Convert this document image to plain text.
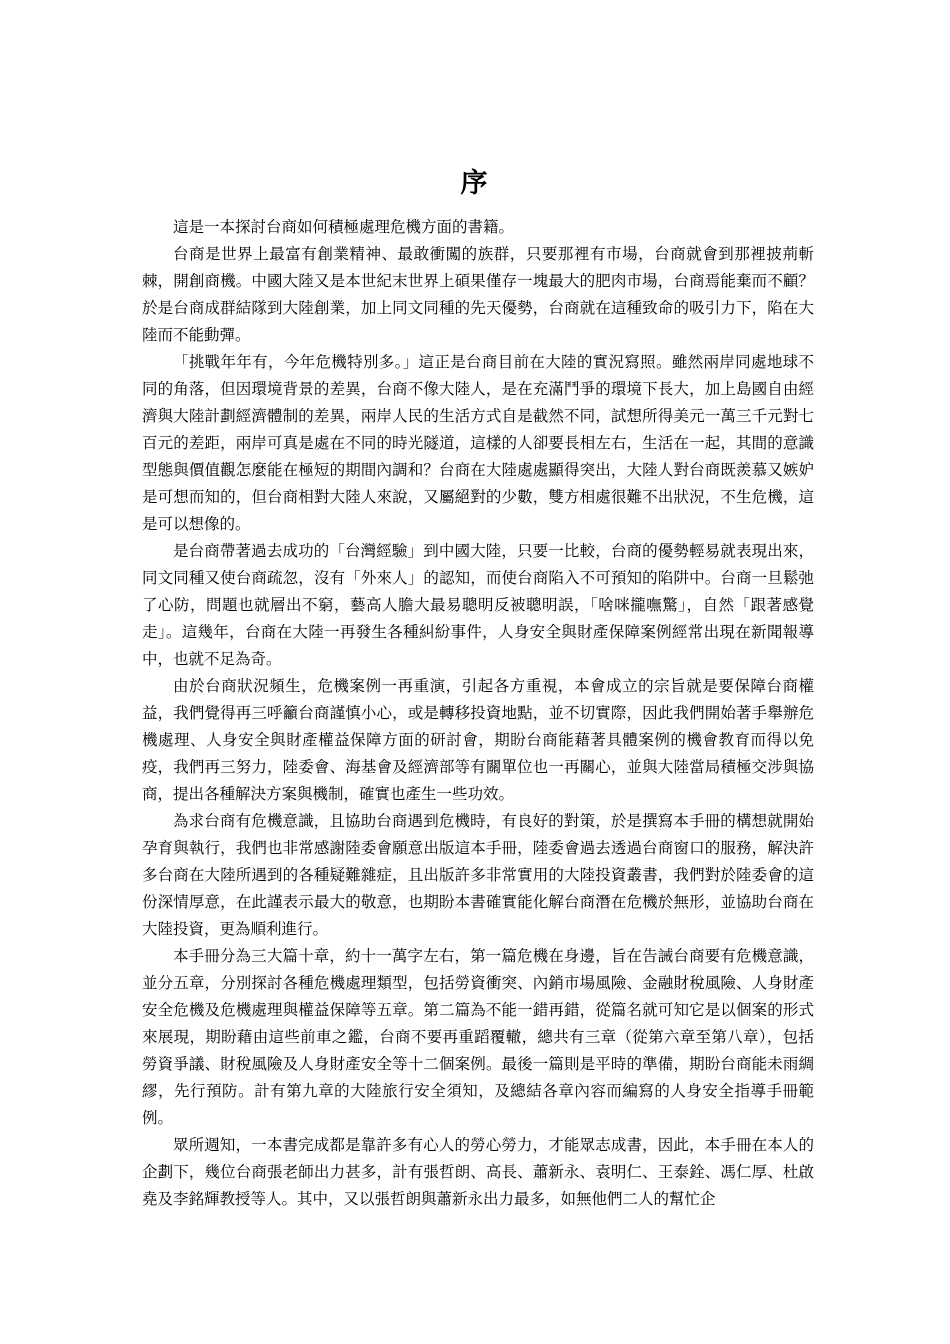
序

這是一本探討台商如何積極處理危機方面的書籍。

台商是世界上最富有創業精神、最敢衝闖的族群，只要那裡有市場，台商就會到那裡披荊斬棘，開創商機。中國大陸又是本世紀末世界上碩果僅存一塊最大的肥肉市場，台商焉能棄而不顧？於是台商成群結隊到大陸創業，加上同文同種的先天優勢，台商就在這種致命的吸引力下，陷在大陸而不能動彈。

「挑戰年年有，今年危機特別多。」這正是台商目前在大陸的實況寫照。雖然兩岸同處地球不同的角落，但因環境背景的差異，台商不像大陸人，是在充滿鬥爭的環境下長大，加上島國自由經濟與大陸計劃經濟體制的差異，兩岸人民的生活方式自是截然不同，試想所得美元一萬三千元對七百元的差距，兩岸可真是處在不同的時光隧道，這樣的人卻要長相左右，生活在一起，其間的意識型態與價值觀怎麼能在極短的期間內調和？台商在大陸處處顯得突出，大陸人對台商既羨慕又嫉妒是可想而知的，但台商相對大陸人來說，又屬絕對的少數，雙方相處很難不出狀況，不生危機，這是可以想像的。

是台商帶著過去成功的「台灣經驗」到中國大陸，只要一比較，台商的優勢輕易就表現出來，同文同種又使台商疏忽，沒有「外來人」的認知，而使台商陷入不可預知的陷阱中。台商一旦鬆弛了心防，問題也就層出不窮，藝高人膽大最易聰明反被聰明誤，「啥咪攏嘸驚」，自然「跟著感覺走」。這幾年，台商在大陸一再發生各種糾紛事件，人身安全與財產保障案例經常出現在新聞報導中，也就不足為奇。

由於台商狀況頻生，危機案例一再重演，引起各方重視，本會成立的宗旨就是要保障台商權益，我們覺得再三呼籲台商謹慎小心，或是轉移投資地點，並不切實際，因此我們開始著手舉辦危機處理、人身安全與財產權益保障方面的研討會，期盼台商能藉著具體案例的機會教育而得以免疫，我們再三努力，陸委會、海基會及經濟部等有關單位也一再關心，並與大陸當局積極交涉與協商，提出各種解決方案與機制，確實也產生一些功效。

為求台商有危機意識，且協助台商遇到危機時，有良好的對策，於是撰寫本手冊的構想就開始孕育與執行，我們也非常感謝陸委會願意出版這本手冊，陸委會過去透過台商窗口的服務，解決許多台商在大陸所遇到的各種疑難雜症，且出版許多非常實用的大陸投資叢書，我們對於陸委會的這份深情厚意，在此謹表示最大的敬意，也期盼本書確實能化解台商潛在危機於無形，並協助台商在大陸投資，更為順利進行。

本手冊分為三大篇十章，約十一萬字左右，第一篇危機在身邊，旨在告誡台商要有危機意識，並分五章，分別探討各種危機處理類型，包括勞資衝突、內銷市場風險、金融財稅風險、人身財產安全危機及危機處理與權益保障等五章。第二篇為不能一錯再錯，從篇名就可知它是以個案的形式來展現，期盼藉由這些前車之鑑，台商不要再重蹈覆轍，總共有三章（從第六章至第八章），包括勞資爭議、財稅風險及人身財產安全等十二個案例。最後一篇則是平時的準備，期盼台商能未雨綢繆，先行預防。計有第九章的大陸旅行安全須知，及總結各章內容而編寫的人身安全指導手冊範例。

眾所週知，一本書完成都是靠許多有心人的勞心勞力，才能眾志成書，因此，本手冊在本人的企劃下，幾位台商張老師出力甚多，計有張哲朗、高長、蕭新永、袁明仁、王泰銓、馮仁厚、杜啟堯及李銘輝教授等人。其中，又以張哲朗與蕭新永出力最多，如無他們二人的幫忙企
